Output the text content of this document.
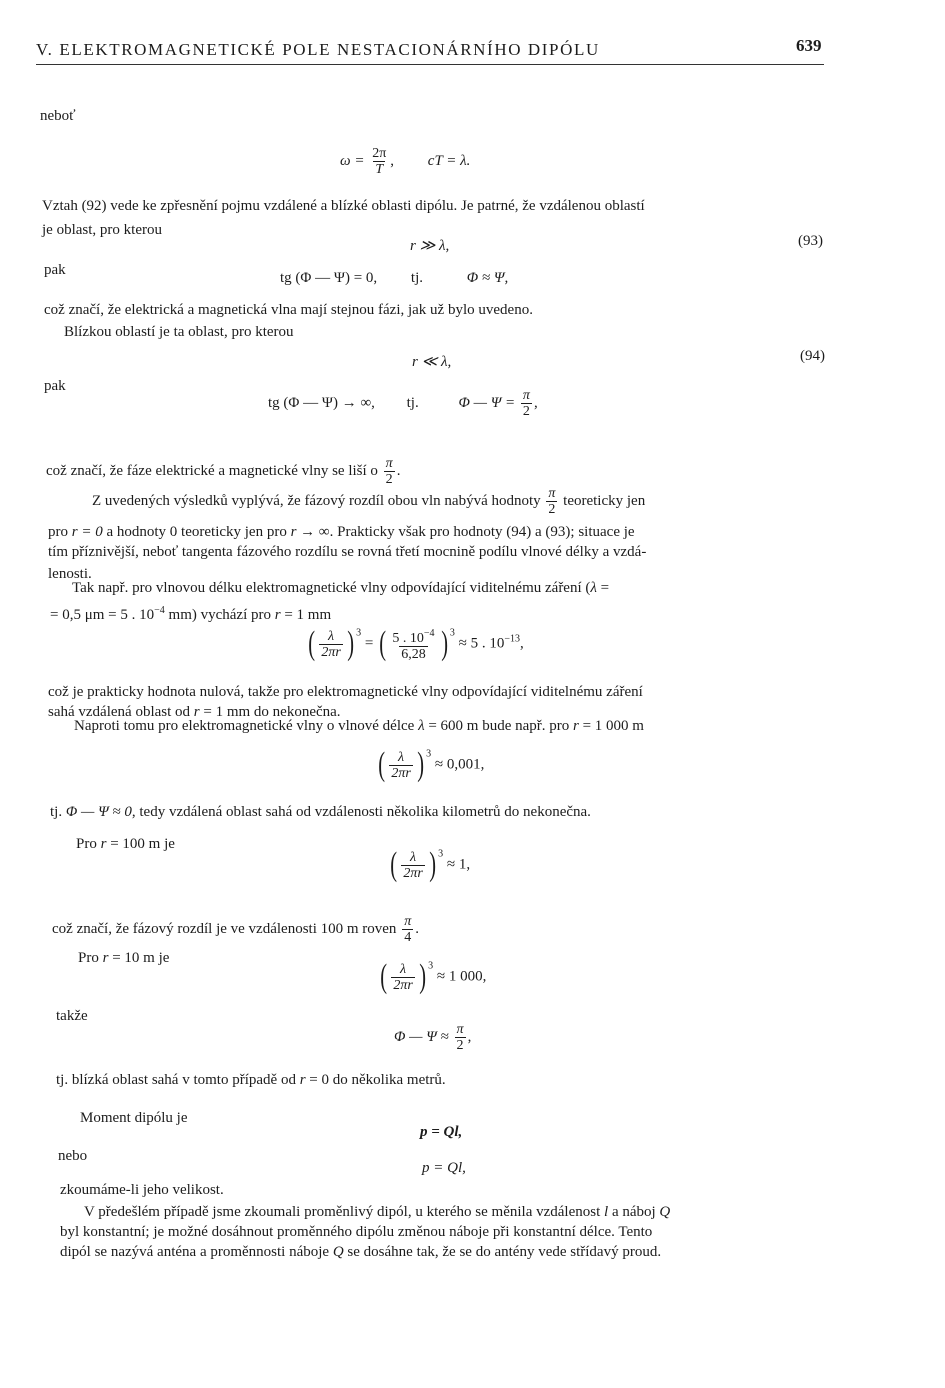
V. ELEKTROMAGNETICKÉ POLE NESTACIONÁRNÍHO DIPÓLU	639
neboť
$\omega = \frac{2\pi}{T}$ , cT = λ.
Vztah (92) vede ke zpřesnění pojmu vzdálené a blízké oblasti dipólu. Je patrné, že vzdálenou oblastí
je oblast, pro kterou
r ≫ λ,	(93)
pak	tg (Φ — Ψ) = 0, tj.	Φ ≈ Ψ,
což značí, že elektrická a magnetická vlna mají stejnou fázi, jak už bylo uvedeno.
Blízkou oblastí je ta oblast, pro kterou
r ≪ λ,	(94)
pak
tg (Φ — Ψ) → ∞, tj.	Φ — $\Psi = \frac{\pi}{2}$ ,
což značí, že fáze elektrické a magnetické vlny se liší o $\frac{\pi}{2}$ .
Z uvedených výsledků vyplývá, že fázový rozdíl obou vln nabývá hodnoty $\frac{\pi}{2}$ teoreticky jen
pro r = 0 a hodnoty 0 teoreticky jen pro r → ∞. Prakticky však pro hodnoty (94) a (93); situace je
tím příznivější, neboť tangenta fázového rozdílu se rovná třetí mocnině podílu vlnové délky a vzdá-
lenosti.
Tak např. pro vlnovou délku elektromagnetické vlny odpovídající viditelnému záření (λ =
= 0,5 μm = 5 . $10^{-4}$ mm) vychází pro r = 1 mm
( $\frac{\lambda}{2\pi r}$ ) $^3$ = ( $\frac{5 . 10^{-4}}{6,28}$ ) $^3$ ≈ 5 . $10^{-13}$,
což je prakticky hodnota nulová, takže pro elektromagnetické vlny odpovídající viditelnému záření
sahá vzdálená oblast od r = 1 mm do nekonečna.
Naproti tomu pro elektromagnetické vlny o vlnové délce λ = 600 m bude např. pro r = 1 000 m
( $\frac{\lambda}{2\pi r}$ ) $^3$ ≈ 0,001,
tj. Φ — Ψ ≈ 0, tedy vzdálená oblast sahá od vzdálenosti několika kilometrů do nekonečna.
Pro r = 100 m je
( $\frac{\lambda}{2\pi r}$ ) $^3$ ≈ 1,
což značí, že fázový rozdíl je ve vzdálenosti 100 m roven $\frac{\pi}{4}$ .
Pro r = 10 m je	( $\frac{\lambda}{2\pi r}$ ) $^3$ ≈ 1 000,
takže
Φ — $\Psi \approx \frac{\pi}{2}$ ,
tj. blízká oblast sahá v tomto případě od r = 0 do několika metrů.
Moment dipólu je
p = Ql,
nebo
p = Ql,
zkoumáme-li jeho velikost.
V předešlém případě jsme zkoumali proměnlivý dipól, u kterého se měnila vzdálenost l a náboj Q
byl konstantní; je možné dosáhnout proměnného dipólu změnou náboje při konstantní délce. Tento
dipól se nazývá anténa a proměnnosti náboje Q se dosáhne tak, že se do antény vede střídavý proud.
